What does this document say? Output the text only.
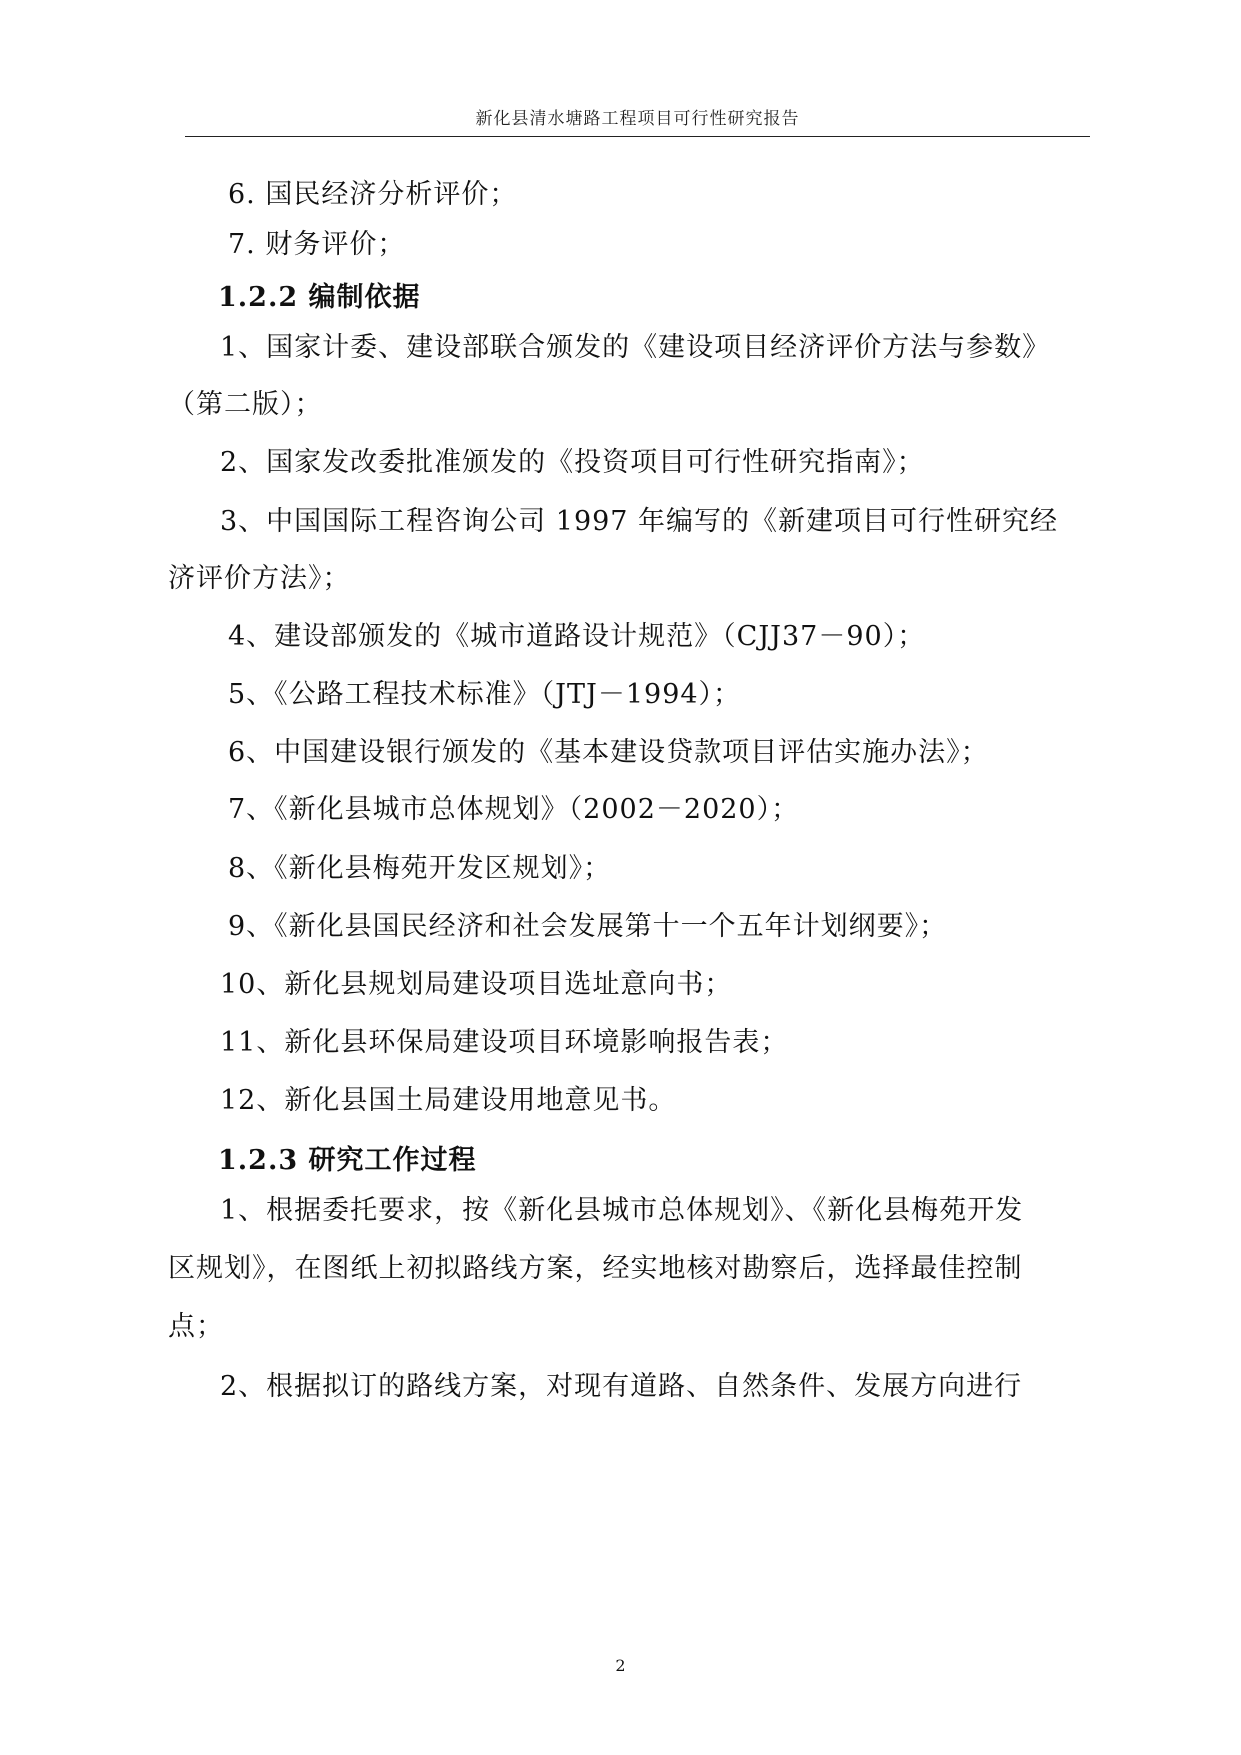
新化县清水塘路工程项目可行性研究报告
6. 国民经济分析评价；
7. 财务评价；
1.2.2 编制依据
1、国家计委、建设部联合颁发的《建设项目经济评价方法与参数》
（第二版）；
2、国家发改委批准颁发的《投资项目可行性研究指南》；
3、中国国际工程咨询公司 1997 年编写的《新建项目可行性研究经
济评价方法》；
4、建设部颁发的《城市道路设计规范》（CJJ37－90）；
5、《公路工程技术标准》（JTJ－1994）；
6、中国建设银行颁发的《基本建设贷款项目评估实施办法》；
7、《新化县城市总体规划》（2002－2020）；
8、《新化县梅苑开发区规划》；
9、《新化县国民经济和社会发展第十一个五年计划纲要》；
10、新化县规划局建设项目选址意向书；
11、新化县环保局建设项目环境影响报告表；
12、新化县国土局建设用地意见书。
1.2.3 研究工作过程
1、根据委托要求，按《新化县城市总体规划》、《新化县梅苑开发
区规划》，在图纸上初拟路线方案，经实地核对勘察后，选择最佳控制
点；
2、根据拟订的路线方案，对现有道路、自然条件、发展方向进行
2
